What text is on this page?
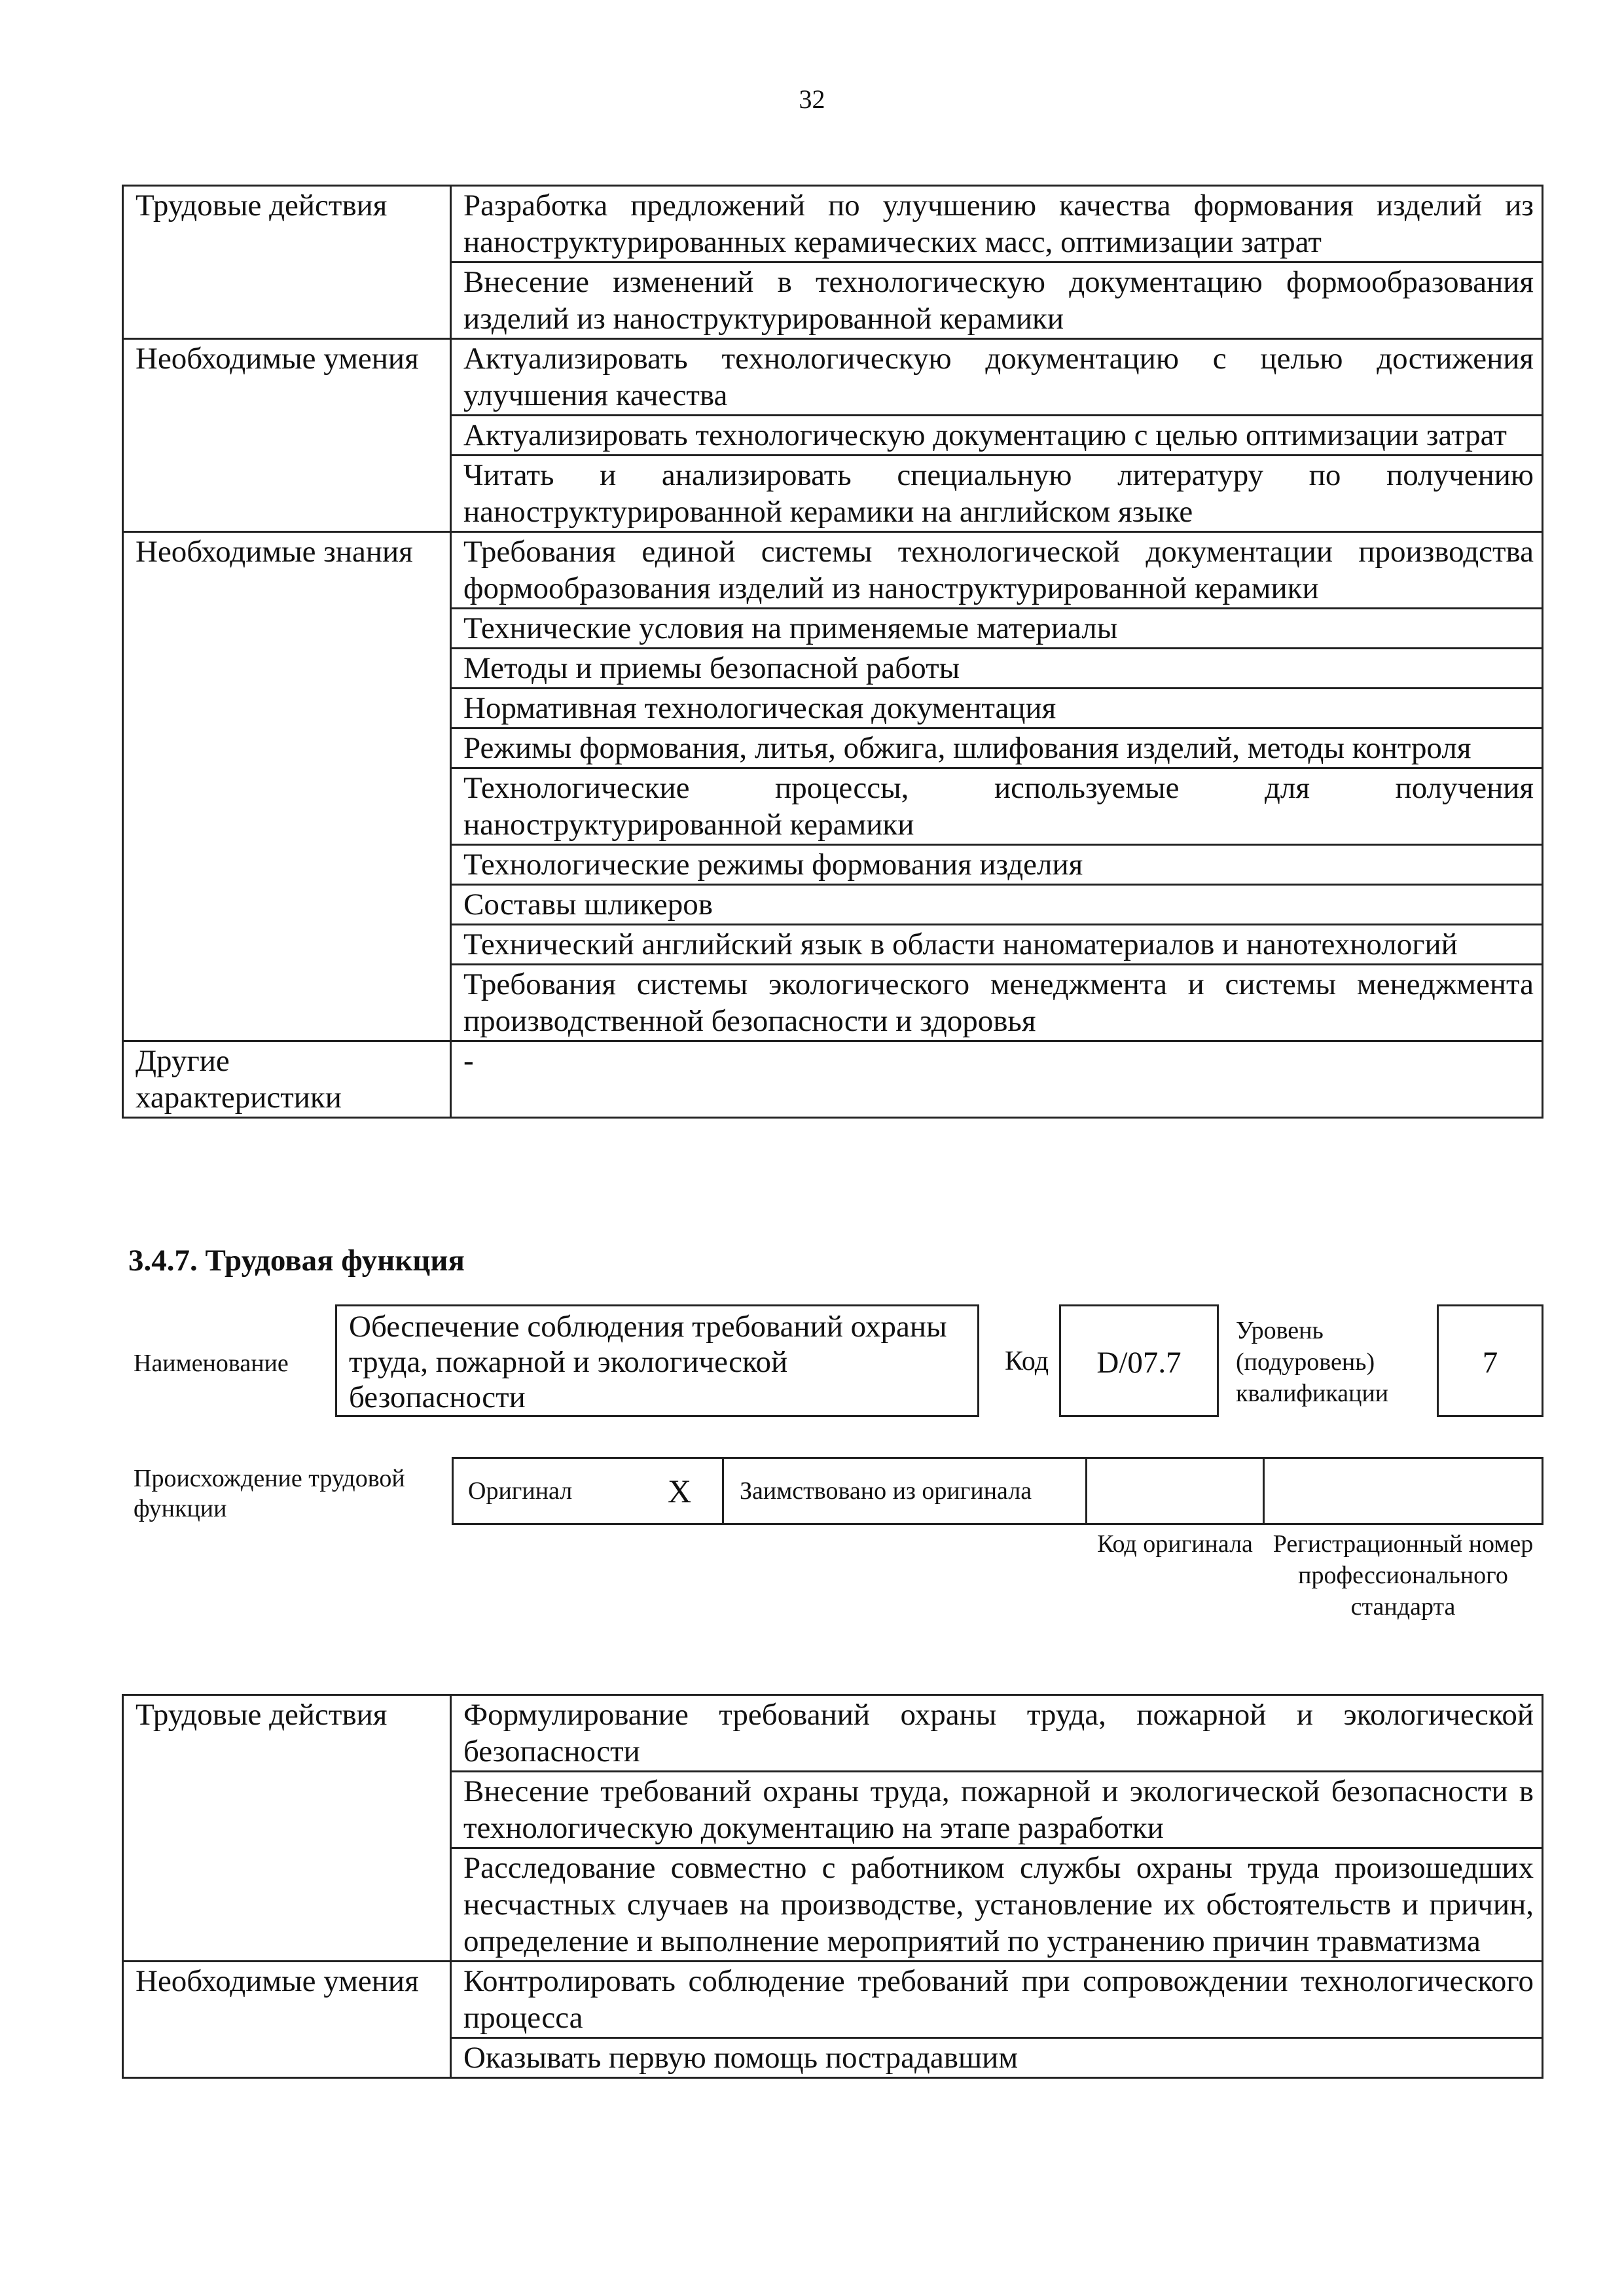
32
Трудовые действия	Разработка предложений по улучшению качества формования изделий из наноструктурированных керамических масс, оптимизации затрат
	Внесение изменений в технологическую документацию формообразования изделий из наноструктурированной керамики
Необходимые умения	Актуализировать технологическую документацию с целью достижения улучшения качества
	Актуализировать технологическую документацию с целью оптимизации затрат
	Читать и анализировать специальную литературу по получению наноструктурированной керамики на английском языке
Необходимые знания	Требования единой системы технологической документации производства формообразования изделий из наноструктурированной керамики
	Технические условия на применяемые материалы
	Методы и приемы безопасной работы
	Нормативная технологическая документация
	Режимы формования, литья, обжига, шлифования изделий, методы контроля
	Технологические процессы, используемые для получения наноструктурированной керамики
	Технологические режимы формования изделия
	Составы шликеров
	Технический английский язык в области наноматериалов и нанотехнологий
	Требования системы экологического менеджмента и системы менеджмента производственной безопасности и здоровья
Другие характеристики	-
3.4.7. Трудовая функция
Наименование
Обеспечение соблюдения требований охраны труда, пожарной и экологической безопасности
Код	D/07.7
Уровень (подуровень) квалификации
7
Происхождение трудовой функции
Оригинал	X	Заимствовано из оригинала
Код оригинала Регистрационный номер профессионального стандарта
Трудовые действия	Формулирование требований охраны труда, пожарной и экологической безопасности
	Внесение требований охраны труда, пожарной и экологической безопасности в технологическую документацию на этапе разработки
	Расследование совместно с работником службы охраны труда произошедших несчастных случаев на производстве, установление их обстоятельств и причин, определение и выполнение мероприятий по устранению причин травматизма
Необходимые умения	Контролировать соблюдение требований при сопровождении технологического процесса
	Оказывать первую помощь пострадавшим
